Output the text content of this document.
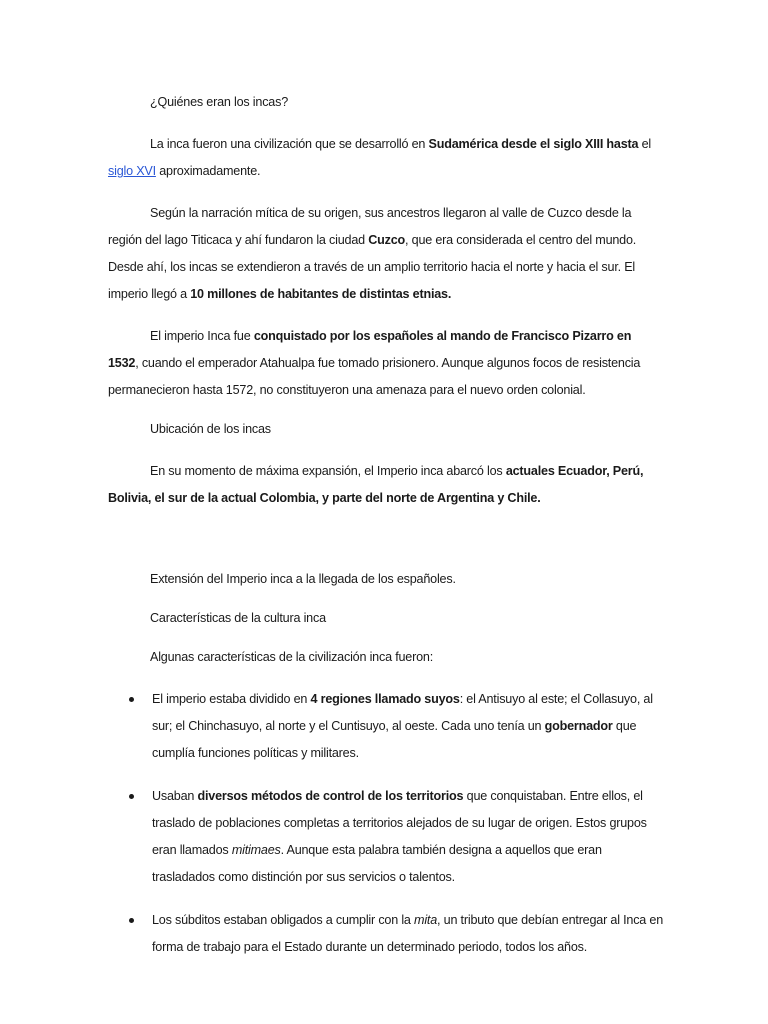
¿Quiénes eran los incas?

La inca fueron una civilización que se desarrolló en Sudamérica desde el siglo XIII hasta el siglo XVI aproximadamente.

Según la narración mítica de su origen, sus ancestros llegaron al valle de Cuzco desde la región del lago Titicaca y ahí fundaron la ciudad Cuzco, que era considerada el centro del mundo. Desde ahí, los incas se extendieron a través de un amplio territorio hacia el norte y hacia el sur. El imperio llegó a 10 millones de habitantes de distintas etnias.

El imperio Inca fue conquistado por los españoles al mando de Francisco Pizarro en 1532, cuando el emperador Atahualpa fue tomado prisionero. Aunque algunos focos de resistencia permanecieron hasta 1572, no constituyeron una amenaza para el nuevo orden colonial.

Ubicación de los incas

En su momento de máxima expansión, el Imperio inca abarcó los actuales Ecuador, Perú, Bolivia, el sur de la actual Colombia, y parte del norte de Argentina y Chile.

Extensión del Imperio inca a la llegada de los españoles.

Características de la cultura inca

Algunas características de la civilización inca fueron:

El imperio estaba dividido en 4 regiones llamado suyos: el Antisuyo al este; el Collasuyo, al sur; el Chinchasuyo, al norte y el Cuntisuyo, al oeste. Cada uno tenía un gobernador que cumplía funciones políticas y militares.
Usaban diversos métodos de control de los territorios que conquistaban. Entre ellos, el traslado de poblaciones completas a territorios alejados de su lugar de origen. Estos grupos eran llamados mitimaes. Aunque esta palabra también designa a aquellos que eran trasladados como distinción por sus servicios o talentos.
Los súbditos estaban obligados a cumplir con la mita, un tributo que debían entregar al Inca en forma de trabajo para el Estado durante un determinado periodo, todos los años.
